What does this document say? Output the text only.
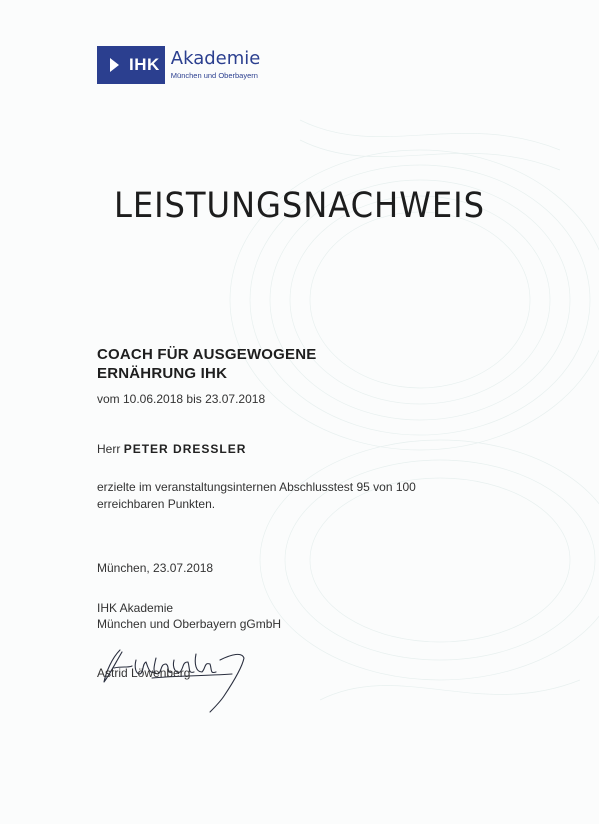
IHK Akademie
München und Oberbayern
LEISTUNGSNACHWEIS
COACH FÜR AUSGEWOGENE
ERNÄHRUNG IHK
vom 10.06.2018 bis 23.07.2018
Herr PETER DRESSLER
erzielte im veranstaltungsinternen Abschlusstest 95 von 100
erreichbaren Punkten.
München, 23.07.2018
IHK Akademie
München und Oberbayern gGmbH
Astrid Löwenberg
